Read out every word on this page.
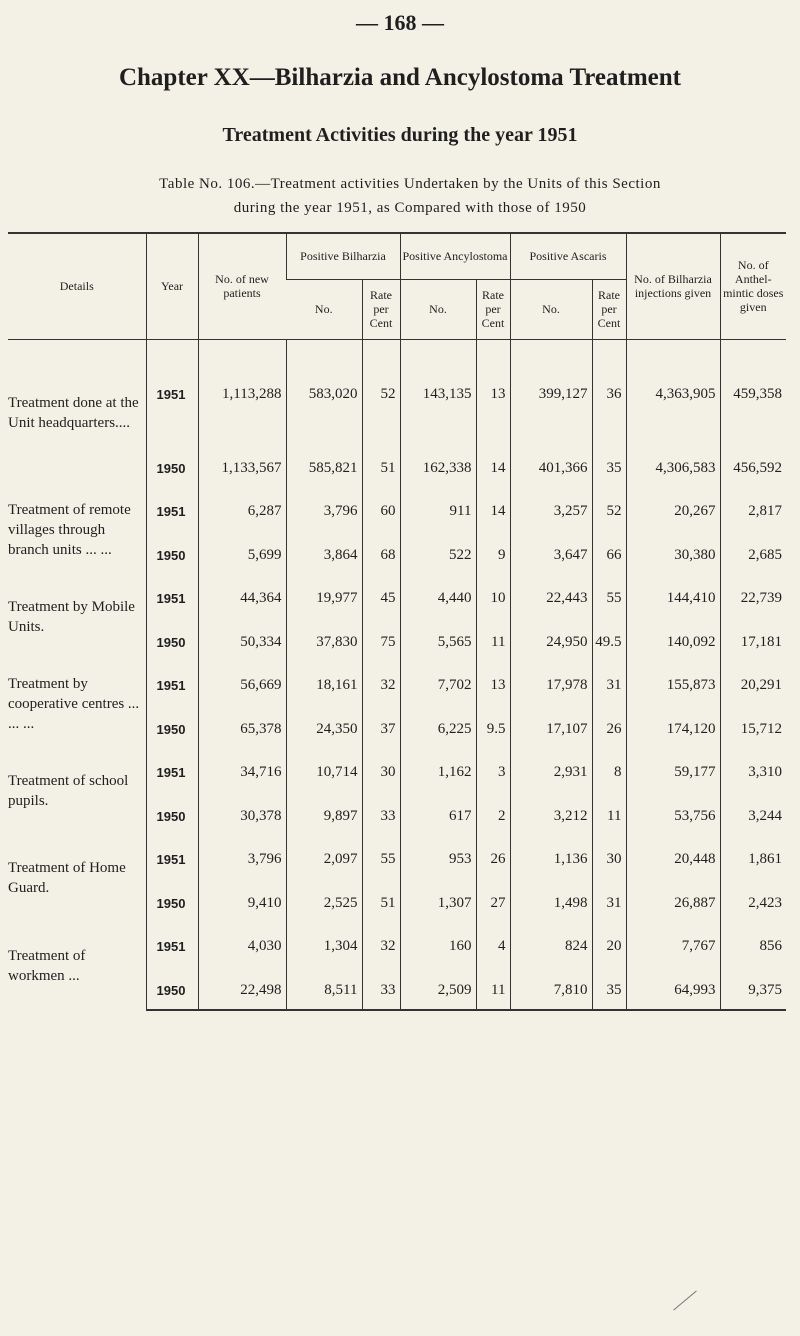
— 168 —
Chapter XX—Bilharzia and Ancylostoma Treatment
Treatment Activities during the year 1951
Table No. 106.—Treatment activities Undertaken by the Units of this Section
during the year 1951, as Compared with those of 1950
Details	Year	No. of new patients	Positive Bilharzia		Positive Ancylostoma		Positive Ascaris		No. of Bilharzia injections given	No. of Anthel-mintic doses given
			No.	Rate per Cent	No.	Rate per Cent	No.	Rate per Cent		
Treatment done at the Unit headquarters....	1951	1,113,288	583,020	52	143,135	13	399,127	36	4,363,905	459,358
	1950	1,133,567	585,821	51	162,338	14	401,366	35	4,306,583	456,592
Treatment of remote villages through branch units ... ...	1951	6,287	3,796	60	911	14	3,257	52	20,267	2,817
	1950	5,699	3,864	68	522	9	3,647	66	30,380	2,685
Treatment by Mobile Units.	1951	44,364	19,977	45	4,440	10	22,443	55	144,410	22,739
	1950	50,334	37,830	75	5,565	11	24,950	49.5	140,092	17,181
Treatment by cooperative centres ... ... ...	1951	56,669	18,161	32	7,702	13	17,978	31	155,873	20,291
	1950	65,378	24,350	37	6,225	9.5	17,107	26	174,120	15,712
Treatment of school pupils.	1951	34,716	10,714	30	1,162	3	2,931	8	59,177	3,310
	1950	30,378	9,897	33	617	2	3,212	11	53,756	3,244
Treatment of Home Guard.	1951	3,796	2,097	55	953	26	1,136	30	20,448	1,861
	1950	9,410	2,525	51	1,307	27	1,498	31	26,887	2,423
Treatment of workmen ...	1951	4,030	1,304	32	160	4	824	20	7,767	856
	1950	22,498	8,511	33	2,509	11	7,810	35	64,993	9,375
